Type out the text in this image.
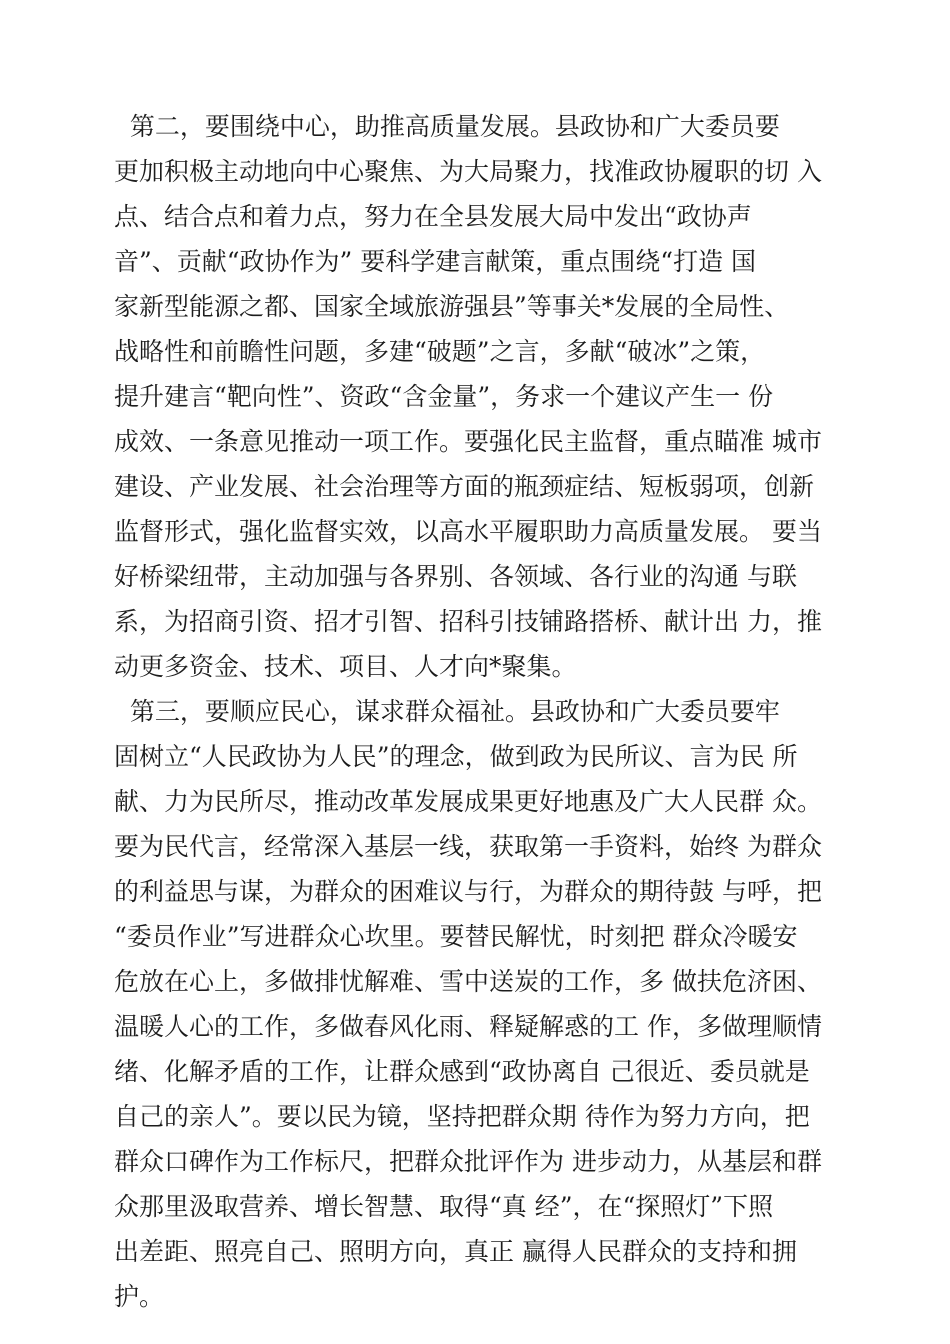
第二，要围绕中心，助推高质量发展。县政协和广大委员要
更加积极主动地向中心聚焦、为大局聚力，找准政协履职的切 入
点、结合点和着力点，努力在全县发展大局中发出“政协声
音”、贡献“政协作为” 要科学建言献策，重点围绕“打造 国
家新型能源之都、国家全域旅游强县”等事关*发展的全局性、
战略性和前瞻性问题，多建“破题”之言，多献“破冰”之策，
提升建言“靶向性”、资政“含金量”，务求一个建议产生一 份
成效、一条意见推动一项工作。要强化民主监督，重点瞄准 城市
建设、产业发展、社会治理等方面的瓶颈症结、短板弱项，创新
监督形式，强化监督实效，以高水平履职助力高质量发展。 要当
好桥梁纽带，主动加强与各界别、各领域、各行业的沟通 与联
系，为招商引资、招才引智、招科引技铺路搭桥、献计出 力，推
动更多资金、技术、项目、人才向*聚集。
第三，要顺应民心，谋求群众福祉。县政协和广大委员要牢
固树立“人民政协为人民”的理念，做到政为民所议、言为民 所
献、力为民所尽，推动改革发展成果更好地惠及广大人民群 众。
要为民代言，经常深入基层一线，获取第一手资料，始终 为群众
的利益思与谋，为群众的困难议与行，为群众的期待鼓 与呼，把
“委员作业”写进群众心坎里。要替民解忧，时刻把 群众冷暖安
危放在心上，多做排忧解难、雪中送炭的工作，多 做扶危济困、
温暖人心的工作，多做春风化雨、释疑解惑的工 作，多做理顺情
绪、化解矛盾的工作，让群众感到“政协离自 己很近、委员就是
自己的亲人”。要以民为镜，坚持把群众期 待作为努力方向，把
群众口碑作为工作标尺，把群众批评作为 进步动力，从基层和群
众那里汲取营养、增长智慧、取得“真 经”，在“探照灯”下照
出差距、照亮自己、照明方向，真正 赢得人民群众的支持和拥
护。
